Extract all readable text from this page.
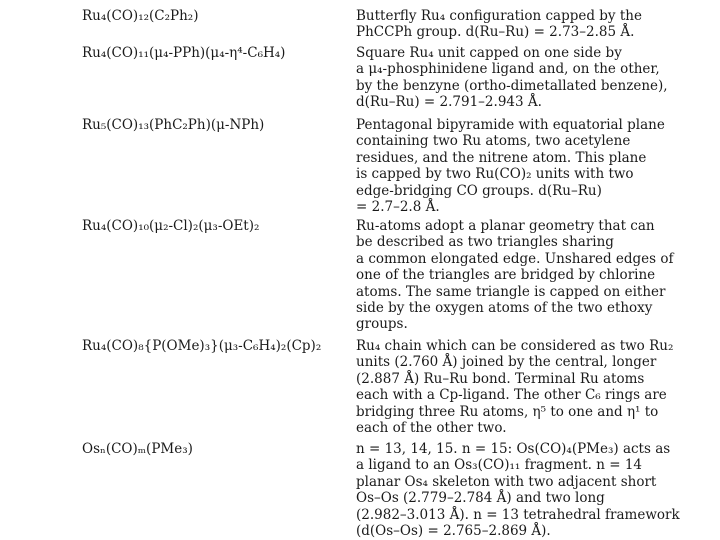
Ru₄(CO)₁₂(C₂Ph₂)	Butterfly Ru₄ configuration capped by the
PhCCPh group. d(Ru–Ru) = 2.73–2.85 Å.
Ru₄(CO)₁₁(μ₄-PPh)(μ₄-η⁴-C₆H₄)	Square Ru₄ unit capped on one side by
a μ₄-phosphinidene ligand and, on the other,
by the benzyne (ortho-dimetallated benzene),
d(Ru–Ru) = 2.791–2.943 Å.
Ru₅(CO)₁₃(PhC₂Ph)(μ-NPh)	Pentagonal bipyramide with equatorial plane
containing two Ru atoms, two acetylene
residues, and the nitrene atom. This plane
is capped by two Ru(CO)₂ units with two
edge-bridging CO groups. d(Ru–Ru)
= 2.7–2.8 Å.
Ru₄(CO)₁₀(μ₂-Cl)₂(μ₃-OEt)₂	Ru-atoms adopt a planar geometry that can
be described as two triangles sharing
a common elongated edge. Unshared edges of
one of the triangles are bridged by chlorine
atoms. The same triangle is capped on either
side by the oxygen atoms of the two ethoxy
groups.
Ru₄(CO)₈{P(OMe)₃}(μ₃-C₆H₄)₂(Cp)₂	Ru₄ chain which can be considered as two Ru₂
units (2.760 Å) joined by the central, longer
(2.887 Å) Ru–Ru bond. Terminal Ru atoms
each with a Cp-ligand. The other C₆ rings are
bridging three Ru atoms, η⁵ to one and η¹ to
each of the other two.
Osₙ(CO)ₘ(PMe₃)	n = 13, 14, 15. n = 15: Os(CO)₄(PMe₃) acts as
a ligand to an Os₃(CO)₁₁ fragment. n = 14
planar Os₄ skeleton with two adjacent short
Os–Os (2.779–2.784 Å) and two long
(2.982–3.013 Å). n = 13 tetrahedral framework
(d(Os–Os) = 2.765–2.869 Å).
